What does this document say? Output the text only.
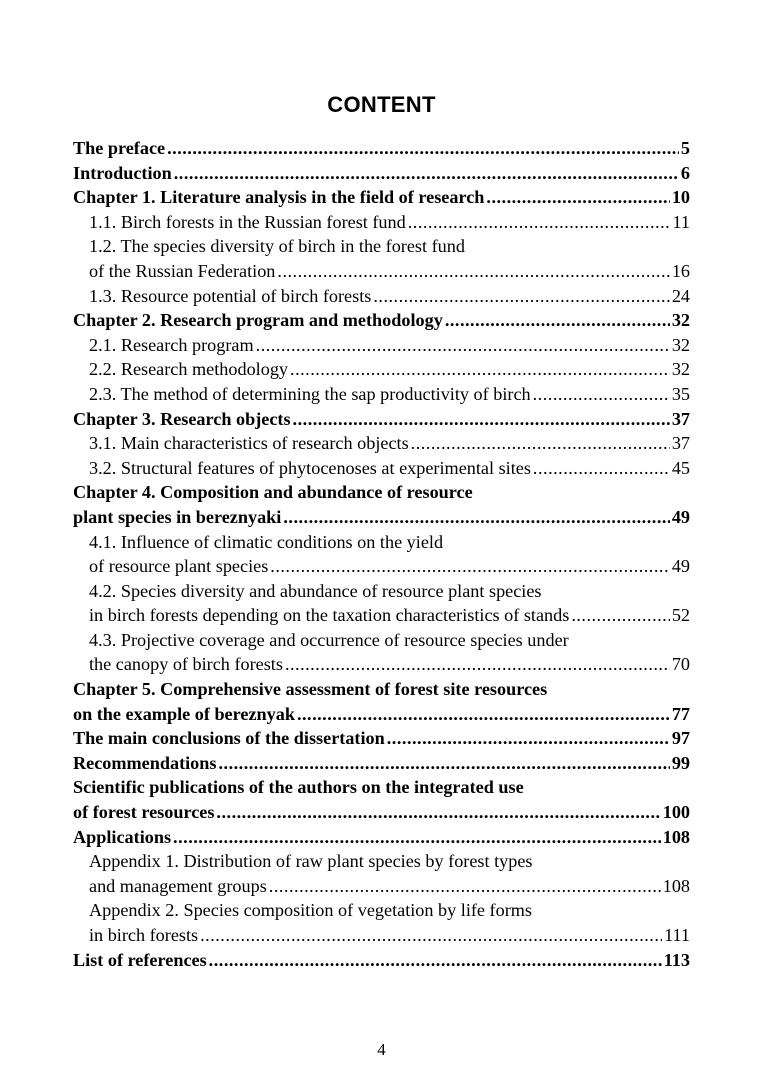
CONTENT
The preface .....	5
Introduction .....	6
Chapter 1. Literature analysis in the field of research .....	10
1.1. Birch forests in the Russian forest fund .....	11
1.2. The species diversity of birch in the forest fund
of the Russian Federation .....	16
1.3. Resource potential of birch forests .....	24
Chapter 2. Research program and methodology .....	32
2.1. Research program .....	32
2.2. Research methodology .....	32
2.3. The method of determining the sap productivity of birch .....	35
Chapter 3. Research objects .....	37
3.1. Main characteristics of research objects .....	37
3.2. Structural features of phytocenoses at experimental sites .....	45
Chapter 4. Composition and abundance of resource
plant species in bereznyaki .....	49
4.1. Influence of climatic conditions on the yield
of resource plant species .....	49
4.2. Species diversity and abundance of resource plant species
in birch forests depending on the taxation characteristics of stands .....	52
4.3. Projective coverage and occurrence of resource species under
the canopy of birch forests .....	70
Chapter 5. Comprehensive assessment of forest site resources
on the example of bereznyak .....	77
The main conclusions of the dissertation .....	97
Recommendations .....	99
Scientific publications of the authors on the integrated use
of forest resources .....	100
Applications .....	108
Appendix 1. Distribution of raw plant species by forest types
and management groups .....	108
Appendix 2. Species composition of vegetation by life forms
in birch forests .....	111
List of references .....	113
4
